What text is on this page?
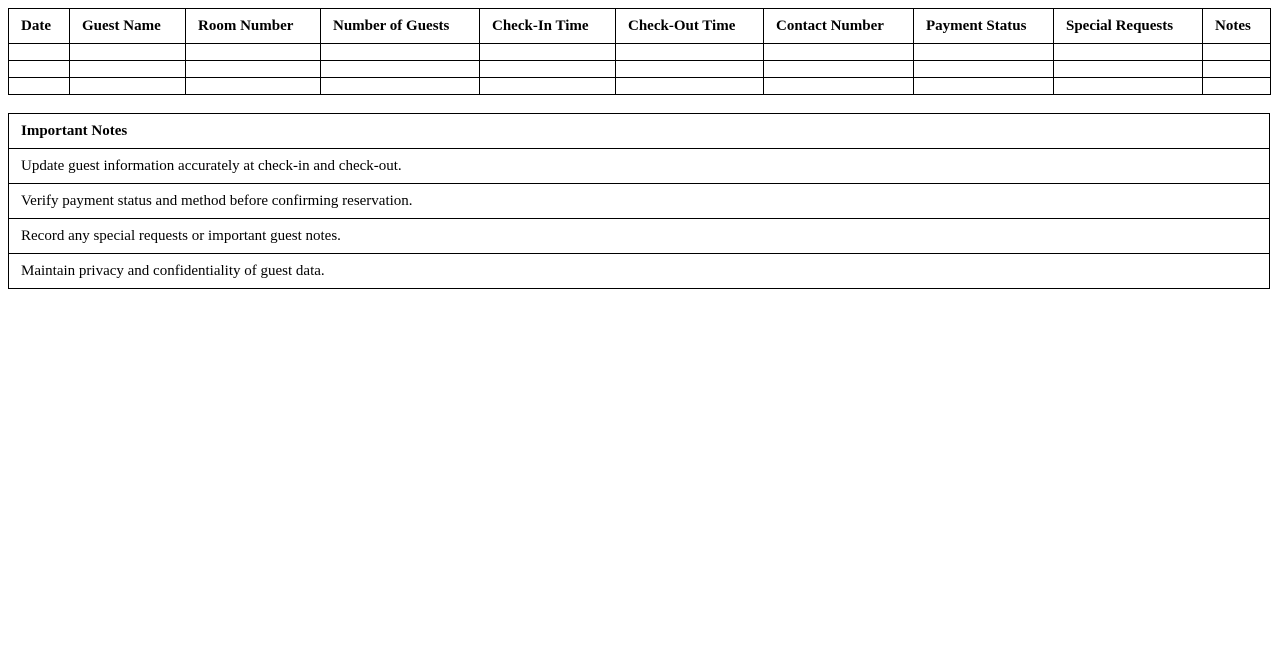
Date	Guest Name	Room Number	Number of Guests	Check-In Time	Check-Out Time	Contact Number	Payment Status	Special Requests	Notes

Important Notes
Update guest information accurately at check-in and check-out.
Verify payment status and method before confirming reservation.
Record any special requests or important guest notes.
Maintain privacy and confidentiality of guest data.
